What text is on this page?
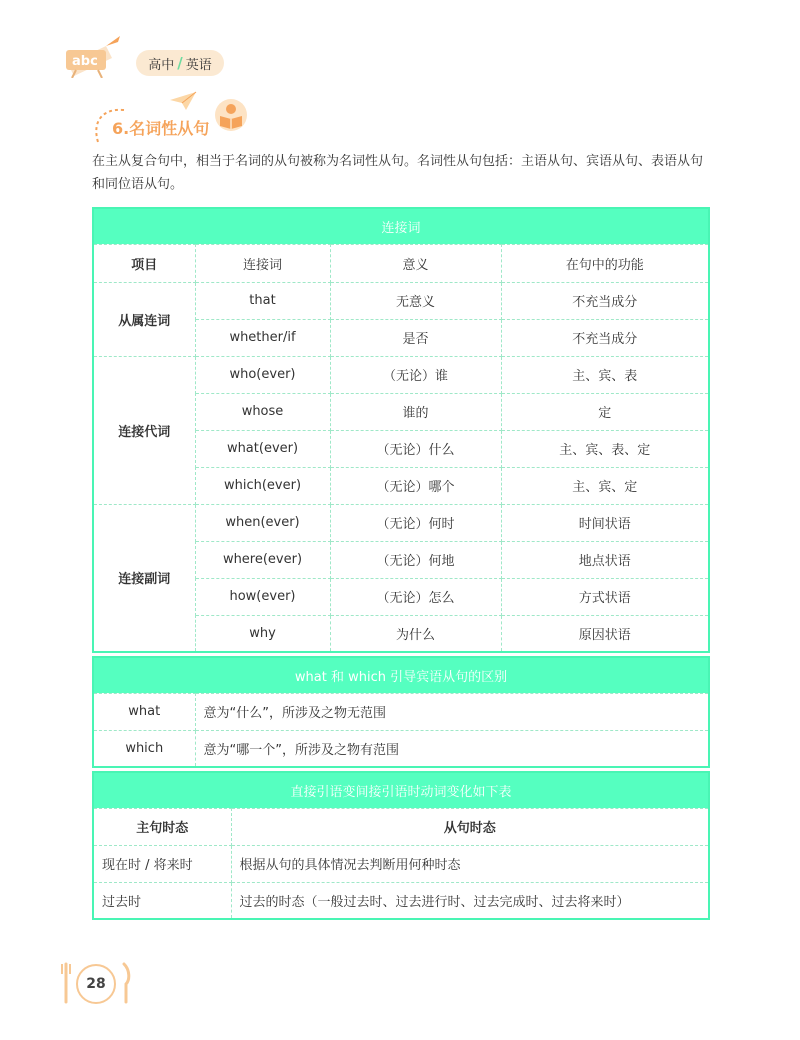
abc	高中 / 英语
6.名词性从句

在主从复合句中，相当于名词的从句被称为名词性从句。名词性从句包括：主语从句、宾语从句、表语从句和同位语从句。

连接词			
项目	连接词	意义	在句中的功能
从属连词	that	无意义	不充当成分
	whether/if	是否	不充当成分
连接代词	who(ever)	（无论）谁	主、宾、表
	whose	谁的	定
	what(ever)	（无论）什么	主、宾、表、定
	which(ever)	（无论）哪个	主、宾、定
连接副词	when(ever)	（无论）何时	时间状语
	where(ever)	（无论）何地	地点状语
	how(ever)	（无论）怎么	方式状语
	why	为什么	原因状语
what 和 which 引导宾语从句的区别	
what	意为“什么”，所涉及之物无范围
which	意为“哪一个”，所涉及之物有范围
直接引语变间接引语时动词变化如下表	
主句时态	从句时态
现在时 / 将来时	根据从句的具体情况去判断用何种时态
过去时	过去的时态（一般过去时、过去进行时、过去完成时、过去将来时）
28
